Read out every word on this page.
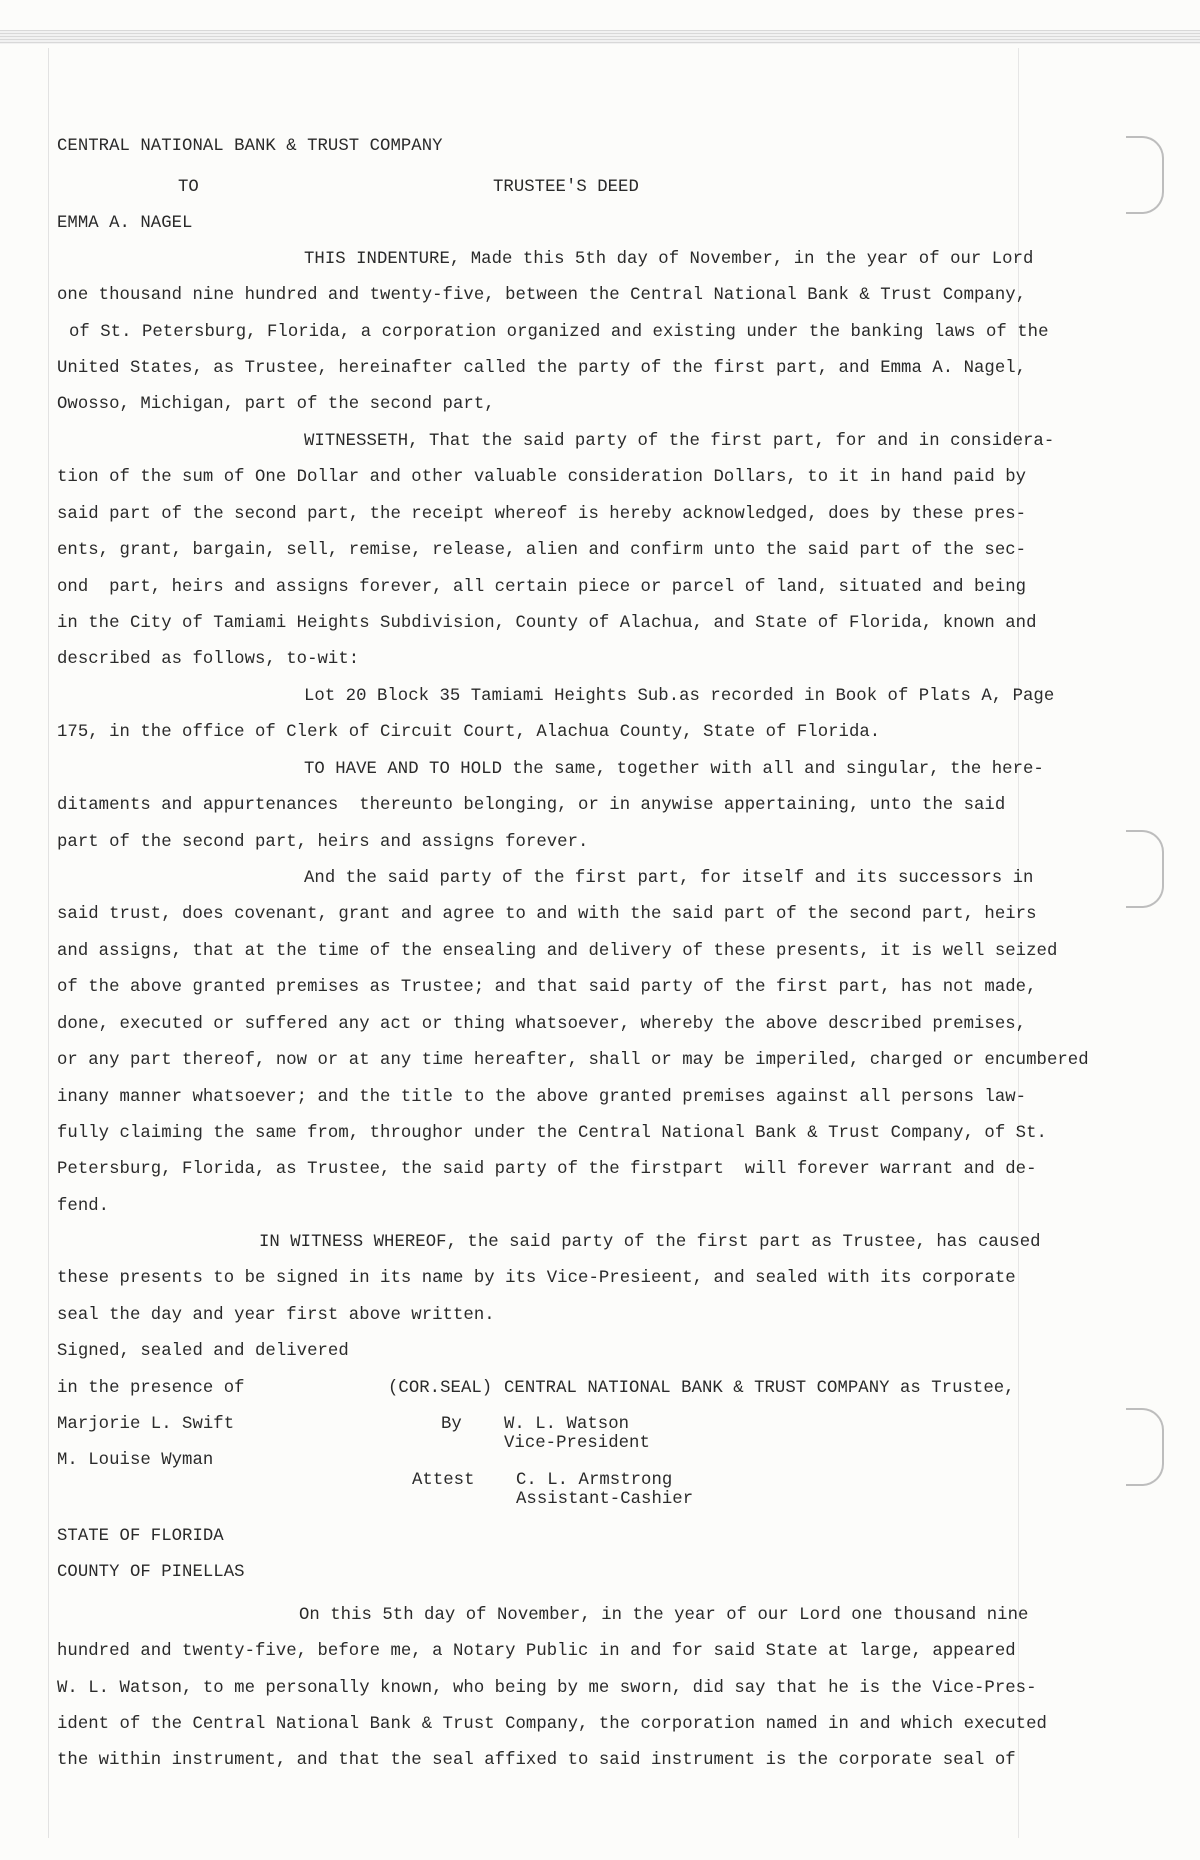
CENTRAL NATIONAL BANK & TRUST COMPANY
TO	TRUSTEE'S DEED
EMMA A. NAGEL
THIS INDENTURE, Made this 5th day of November, in the year of our Lord
one thousand nine hundred and twenty-five, between the Central National Bank & Trust Company,
of St. Petersburg, Florida, a corporation organized and existing under the banking laws of the
United States, as Trustee, hereinafter called the party of the first part, and Emma A. Nagel,
Owosso, Michigan, part of the second part,
WITNESSETH, That the said party of the first part, for and in considera-
tion of the sum of One Dollar and other valuable consideration Dollars, to it in hand paid by
said part of the second part, the receipt whereof is hereby acknowledged, does by these pres-
ents, grant, bargain, sell, remise, release, alien and confirm unto the said part of the sec-
ond  part, heirs and assigns forever, all certain piece or parcel of land, situated and being
in the City of Tamiami Heights Subdivision, County of Alachua, and State of Florida, known and
described as follows, to-wit:
Lot 20 Block 35 Tamiami Heights Sub.as recorded in Book of Plats A, Page
175, in the office of Clerk of Circuit Court, Alachua County, State of Florida.
TO HAVE AND TO HOLD the same, together with all and singular, the here-
ditaments and appurtenances  thereunto belonging, or in anywise appertaining, unto the said
part of the second part, heirs and assigns forever.
And the said party of the first part, for itself and its successors in
said trust, does covenant, grant and agree to and with the said part of the second part, heirs
and assigns, that at the time of the ensealing and delivery of these presents, it is well seized
of the above granted premises as Trustee; and that said party of the first part, has not made,
done, executed or suffered any act or thing whatsoever, whereby the above described premises,
or any part thereof, now or at any time hereafter, shall or may be imperiled, charged or encumbered
inany manner whatsoever; and the title to the above granted premises against all persons law-
fully claiming the same from, throughor under the Central National Bank & Trust Company, of St.
Petersburg, Florida, as Trustee, the said party of the firstpart  will forever warrant and de-
fend.
IN WITNESS WHEREOF, the said party of the first part as Trustee, has caused
these presents to be signed in its name by its Vice-Presieent, and sealed with its corporate
seal the day and year first above written.
Signed, sealed and delivered
in the presence of	(COR.SEAL) CENTRAL NATIONAL BANK & TRUST COMPANY as Trustee,
Marjorie L. Swift	By W. L. Watson
Vice-President
M. Louise Wyman
Attest C. L. Armstrong
Assistant-Cashier
STATE OF FLORIDA
COUNTY OF PINELLAS
On this 5th day of November, in the year of our Lord one thousand nine
hundred and twenty-five, before me, a Notary Public in and for said State at large, appeared
W. L. Watson, to me personally known, who being by me sworn, did say that he is the Vice-Pres-
ident of the Central National Bank & Trust Company, the corporation named in and which executed
the within instrument, and that the seal affixed to said instrument is the corporate seal of
